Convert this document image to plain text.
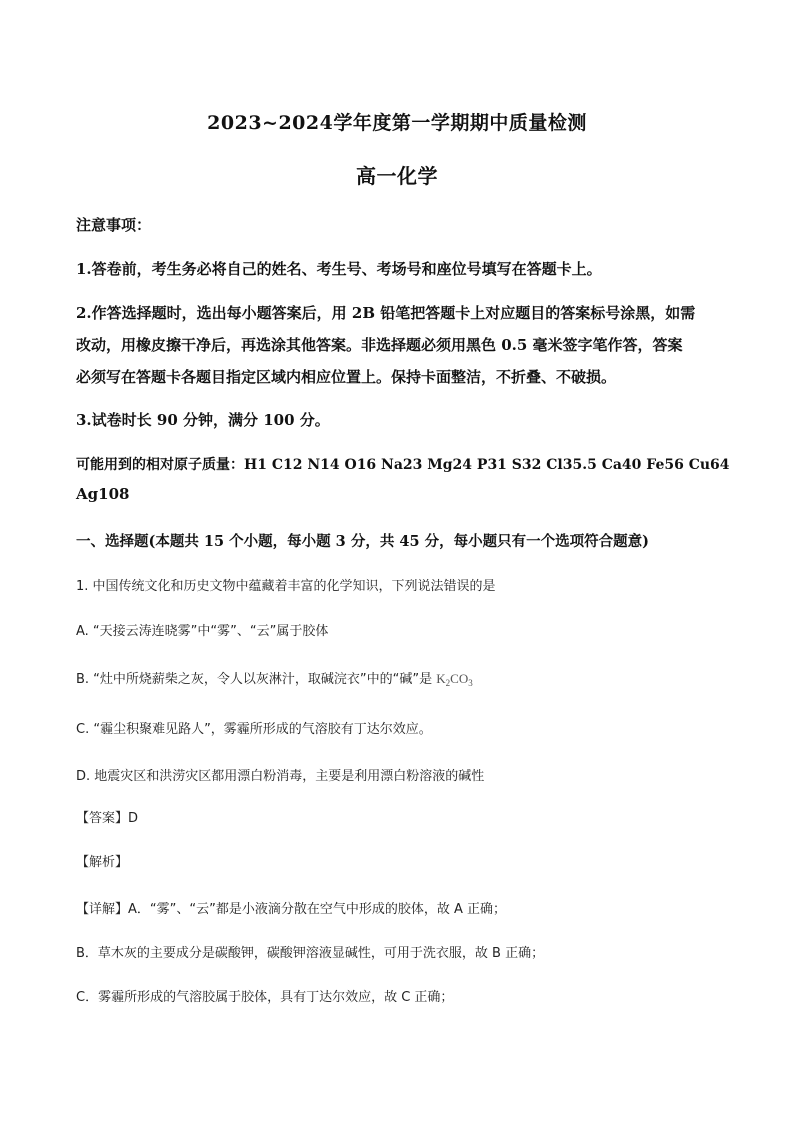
2023~2024学年度第一学期期中质量检测
高一化学
注意事项：
1.答卷前，考生务必将自己的姓名、考生号、考场号和座位号填写在答题卡上。
2.作答选择题时，选出每小题答案后，用 2B 铅笔把答题卡上对应题目的答案标号涂黑，如需
改动，用橡皮擦干净后，再选涂其他答案。非选择题必须用黑色 0.5 毫米签字笔作答，答案
必须写在答题卡各题目指定区域内相应位置上。保持卡面整洁，不折叠、不破损。
3.试卷时长 90 分钟，满分 100 分。
可能用到的相对原子质量：H1 C12 N14 O16 Na23 Mg24 P31 S32 Cl35.5 Ca40 Fe56 Cu64
Ag108
一、选择题(本题共 15 个小题，每小题 3 分，共 45 分，每小题只有一个选项符合题意)
1. 中国传统文化和历史文物中蕴藏着丰富的化学知识，下列说法错误的是
A. “天接云涛连晓雾”中“雾”、“云”属于胶体
B. “灶中所烧薪柴之灰，令人以灰淋汁，取碱浣衣”中的“碱”是 $K_2CO_3$
C. “霾尘积聚难见路人”，雾霾所形成的气溶胶有丁达尔效应。
D. 地震灾区和洪涝灾区都用漂白粉消毒，主要是利用漂白粉溶液的碱性
【答案】D
【解析】
【详解】A．“雾”、“云”都是小液滴分散在空气中形成的胶体，故 A 正确；
B．草木灰的主要成分是碳酸钾，碳酸钾溶液显碱性，可用于洗衣服，故 B 正确；
C．雾霾所形成的气溶胶属于胶体，具有丁达尔效应，故 C 正确；
